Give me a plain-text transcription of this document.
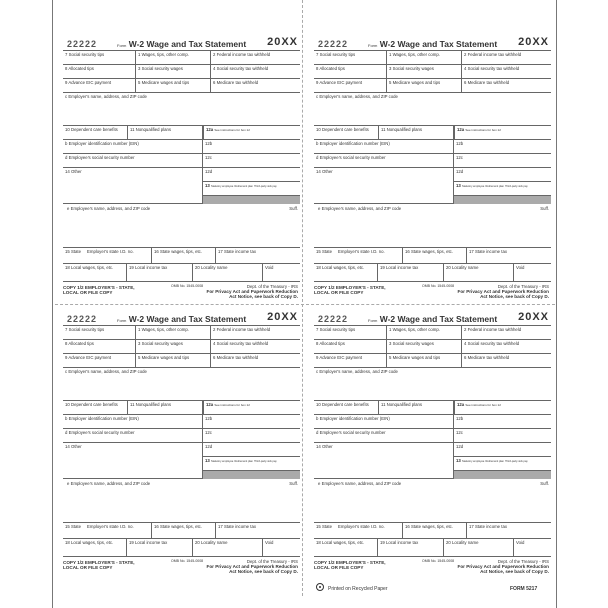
22222	Form W-2 Wage and Tax Statement 20XX
7 Social security tips	1 Wages, tips, other comp.	2 Federal income tax withheld
8 Allocated tips	3 Social security wages	4 Social security tax withheld
9 Advance EIC payment	5 Medicare wages and tips	6 Medicare tax withheld
c Employer's name, address, and ZIP code
10 Dependent care benefits	11 Nonqualified plans	12a See instructions for box 12
b Employer identification number (EIN)	12b
d Employee's social security number	12c
14 Other	12d
13 Statutory employee Retirement plan Third-party sick pay
e Employee's name, address, and ZIP code	Suff.
15 State Employer's state I.D. no.	16 State wages, tips, etc.	17 State income tax
18 Local wages, tips, etc.	19 Local income tax	20 Locality name	Void
COPY 1/2 EMPLOYER'S - STATE,
LOCAL OR FILE COPY
OMB No. 1545-0008	Dept. of the Treasury - IRS
For Privacy Act and Paperwork Reduction
Act Notice, see back of Copy D.
22222	Form W-2 Wage and Tax Statement 20XX
7 Social security tips	1 Wages, tips, other comp.	2 Federal income tax withheld
8 Allocated tips	3 Social security wages	4 Social security tax withheld
9 Advance EIC payment	5 Medicare wages and tips	6 Medicare tax withheld
c Employer's name, address, and ZIP code
10 Dependent care benefits	11 Nonqualified plans	12a See instructions for box 12
b Employer identification number (EIN)	12b
d Employee's social security number	12c
14 Other	12d
13 Statutory employee Retirement plan Third-party sick pay
e Employee's name, address, and ZIP code	Suff.
15 State Employer's state I.D. no.	16 State wages, tips, etc.	17 State income tax
18 Local wages, tips, etc.	19 Local income tax	20 Locality name	Void
COPY 1/2 EMPLOYER'S - STATE,
LOCAL OR FILE COPY
OMB No. 1545-0008	Dept. of the Treasury - IRS
For Privacy Act and Paperwork Reduction
Act Notice, see back of Copy D.
22222	Form W-2 Wage and Tax Statement 20XX
7 Social security tips	1 Wages, tips, other comp.	2 Federal income tax withheld
8 Allocated tips	3 Social security wages	4 Social security tax withheld
9 Advance EIC payment	5 Medicare wages and tips	6 Medicare tax withheld
c Employer's name, address, and ZIP code
10 Dependent care benefits	11 Nonqualified plans	12a See instructions for box 12
b Employer identification number (EIN)	12b
d Employee's social security number	12c
14 Other	12d
13 Statutory employee Retirement plan Third-party sick pay
e Employee's name, address, and ZIP code	Suff.
15 State Employer's state I.D. no.	16 State wages, tips, etc.	17 State income tax
18 Local wages, tips, etc.	19 Local income tax	20 Locality name	Void
COPY 1/2 EMPLOYER'S - STATE,
LOCAL OR FILE COPY
OMB No. 1545-0008	Dept. of the Treasury - IRS
For Privacy Act and Paperwork Reduction
Act Notice, see back of Copy D.
22222	Form W-2 Wage and Tax Statement 20XX
7 Social security tips	1 Wages, tips, other comp.	2 Federal income tax withheld
8 Allocated tips	3 Social security wages	4 Social security tax withheld
9 Advance EIC payment	5 Medicare wages and tips	6 Medicare tax withheld
c Employer's name, address, and ZIP code
10 Dependent care benefits	11 Nonqualified plans	12a See instructions for box 12
b Employer identification number (EIN)	12b
d Employee's social security number	12c
14 Other	12d
13 Statutory employee Retirement plan Third-party sick pay
e Employee's name, address, and ZIP code	Suff.
15 State Employer's state I.D. no.	16 State wages, tips, etc.	17 State income tax
18 Local wages, tips, etc.	19 Local income tax	20 Locality name	Void
COPY 1/2 EMPLOYER'S - STATE,
LOCAL OR FILE COPY
OMB No. 1545-0008	Dept. of the Treasury - IRS
For Privacy Act and Paperwork Reduction
Act Notice, see back of Copy D.
Printed on Recycled Paper	FORM 5217
